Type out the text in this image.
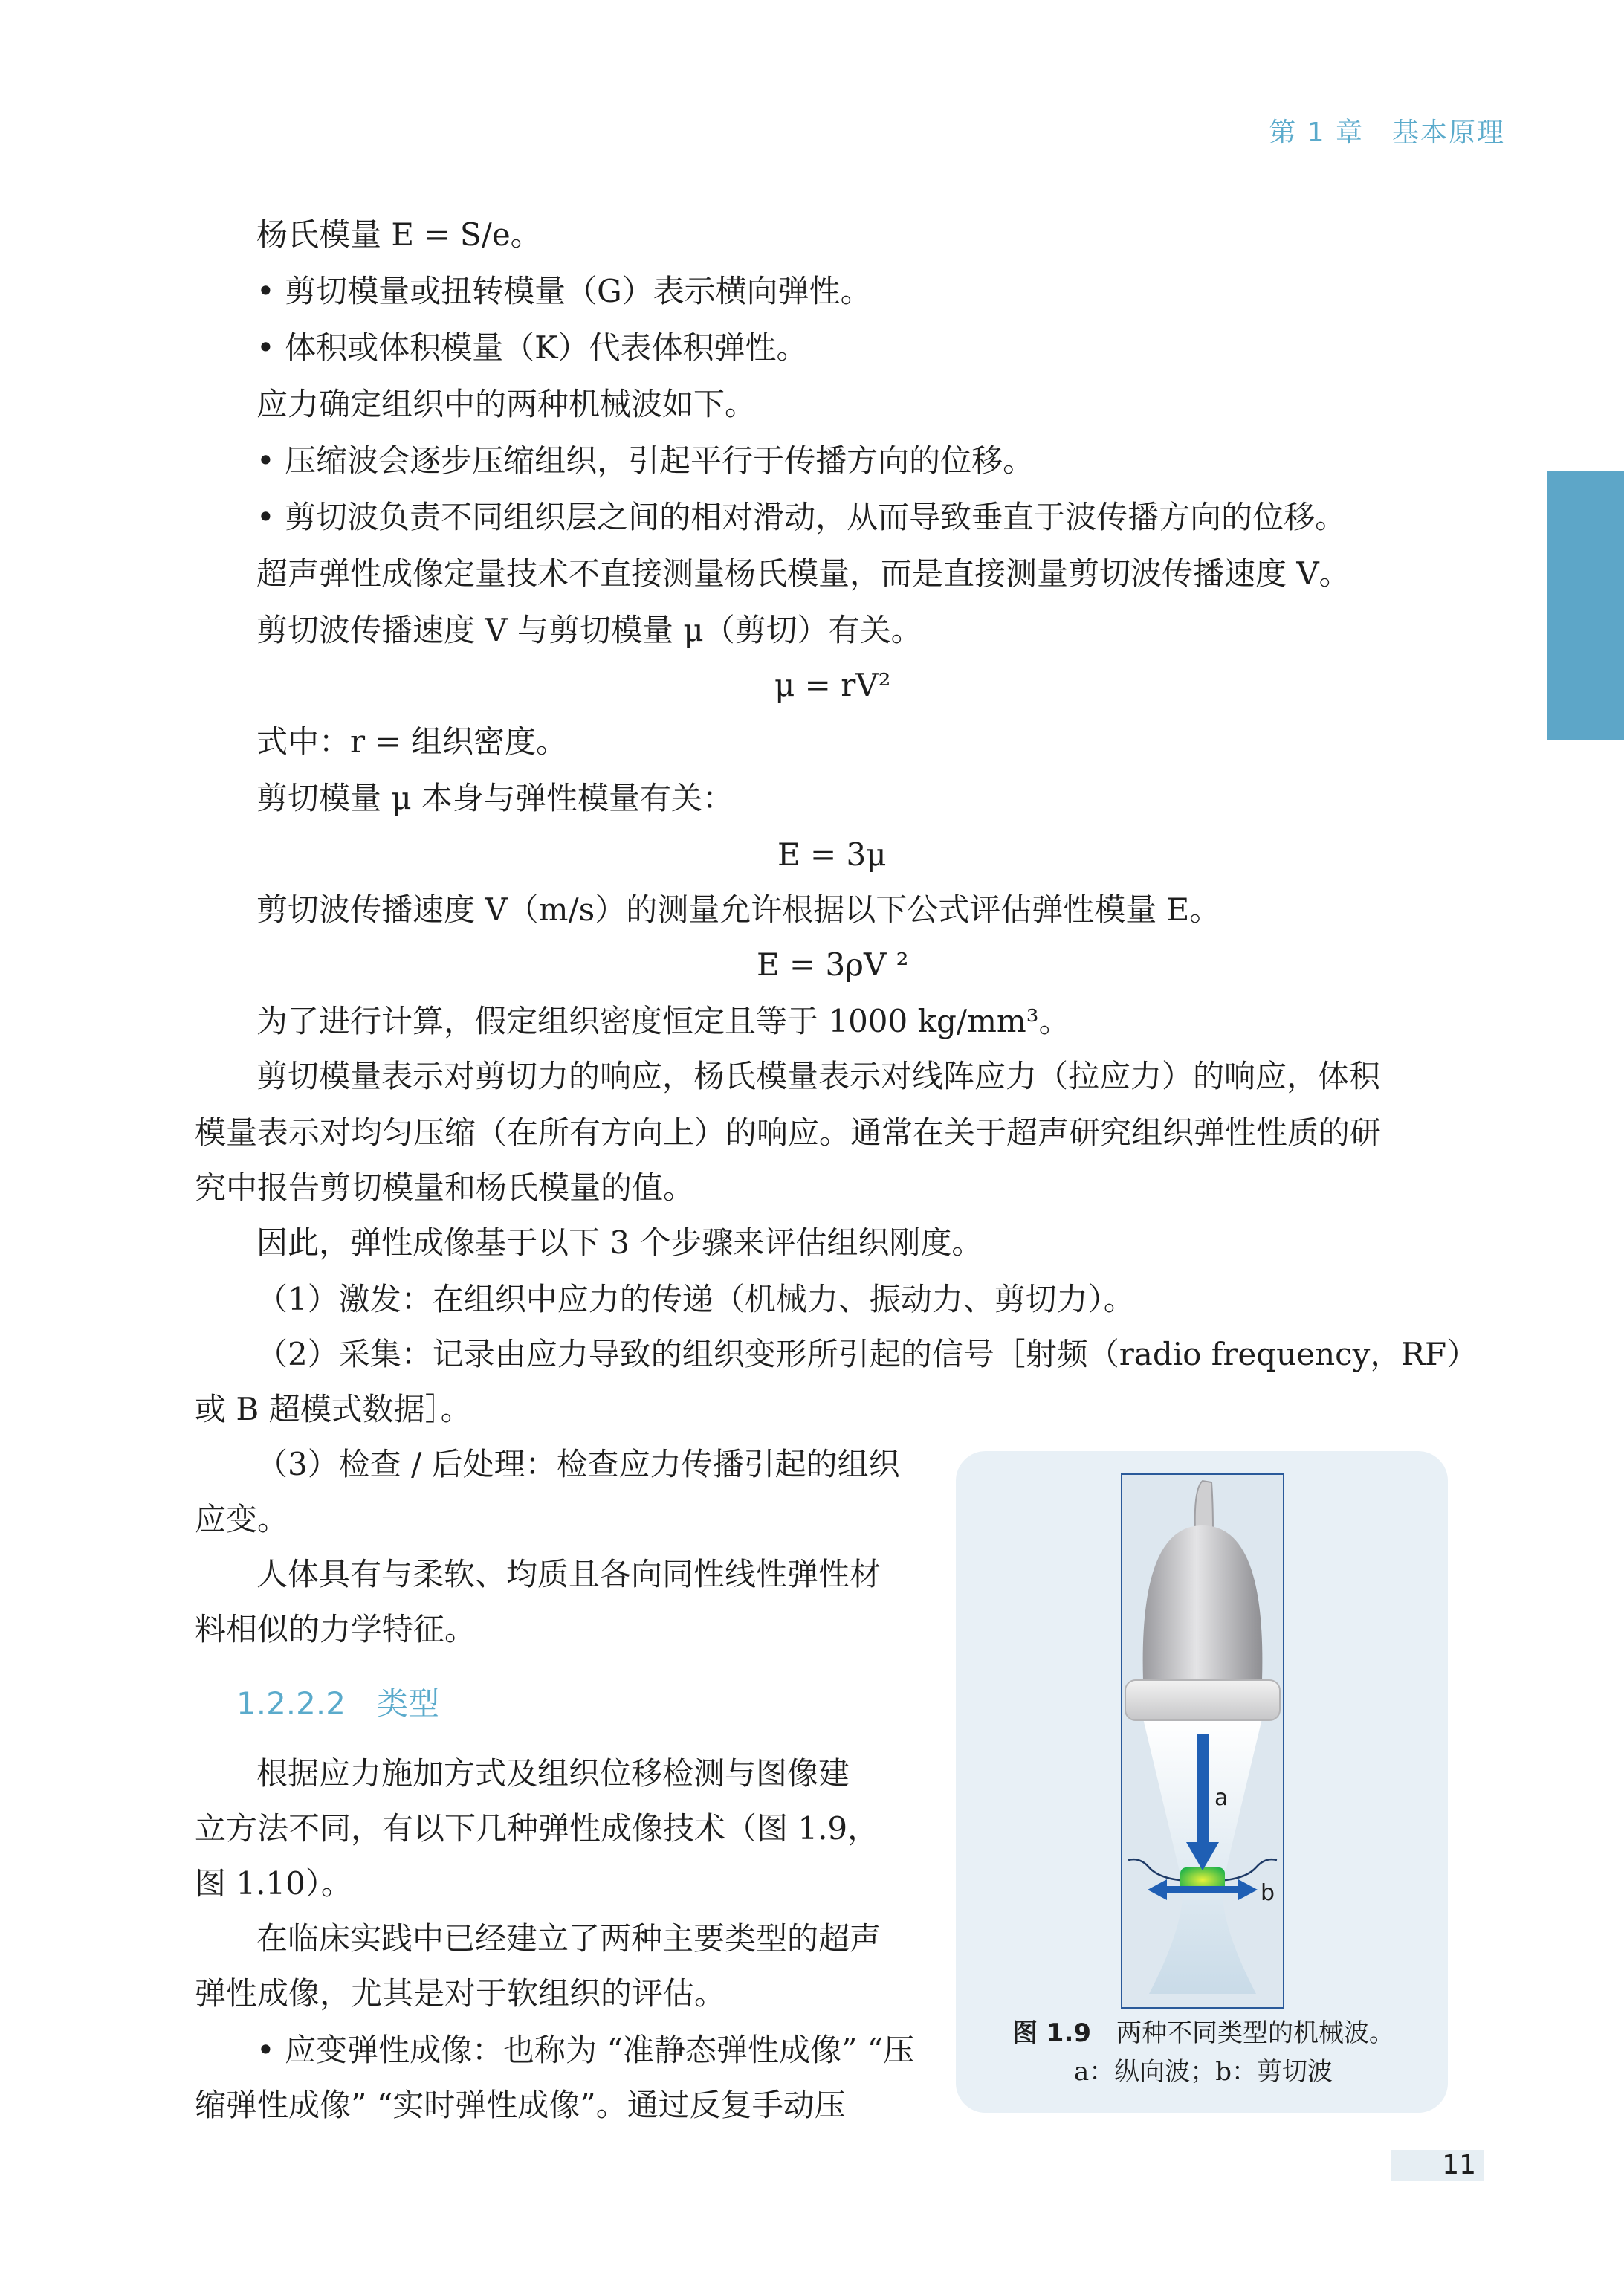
第 1 章　基本原理
杨氏模量 E = S/e。
• 剪切模量或扭转模量（G）表示横向弹性。
• 体积或体积模量（K）代表体积弹性。
应力确定组织中的两种机械波如下。
• 压缩波会逐步压缩组织，引起平行于传播方向的位移。
• 剪切波负责不同组织层之间的相对滑动，从而导致垂直于波传播方向的位移。
超声弹性成像定量技术不直接测量杨氏模量，而是直接测量剪切波传播速度 V。
剪切波传播速度 V 与剪切模量 μ（剪切）有关。
μ = rV²
式中：r = 组织密度。
剪切模量 μ 本身与弹性模量有关：
E = 3μ
剪切波传播速度 V（m/s）的测量允许根据以下公式评估弹性模量 E。
E = 3ρV ²
为了进行计算，假定组织密度恒定且等于 1000 kg/mm³。
剪切模量表示对剪切力的响应，杨氏模量表示对线阵应力（拉应力）的响应，体积
模量表示对均匀压缩（在所有方向上）的响应。通常在关于超声研究组织弹性性质的研
究中报告剪切模量和杨氏模量的值。
因此，弹性成像基于以下 3 个步骤来评估组织刚度。
（1）激发：在组织中应力的传递（机械力、振动力、剪切力）。
（2）采集：记录由应力导致的组织变形所引起的信号［射频（radio frequency，RF）
或 B 超模式数据］。
（3）检查 / 后处理：检查应力传播引起的组织
应变。
人体具有与柔软、均质且各向同性线性弹性材
料相似的力学特征。
1.2.2.2　类型
根据应力施加方式及组织位移检测与图像建
立方法不同，有以下几种弹性成像技术（图 1.9，
图 1.10）。
在临床实践中已经建立了两种主要类型的超声
弹性成像，尤其是对于软组织的评估。
• 应变弹性成像：也称为 “准静态弹性成像” “压
缩弹性成像” “实时弹性成像”。通过反复手动压
a
b
图 1.9　两种不同类型的机械波。
a：纵向波；b：剪切波
11
